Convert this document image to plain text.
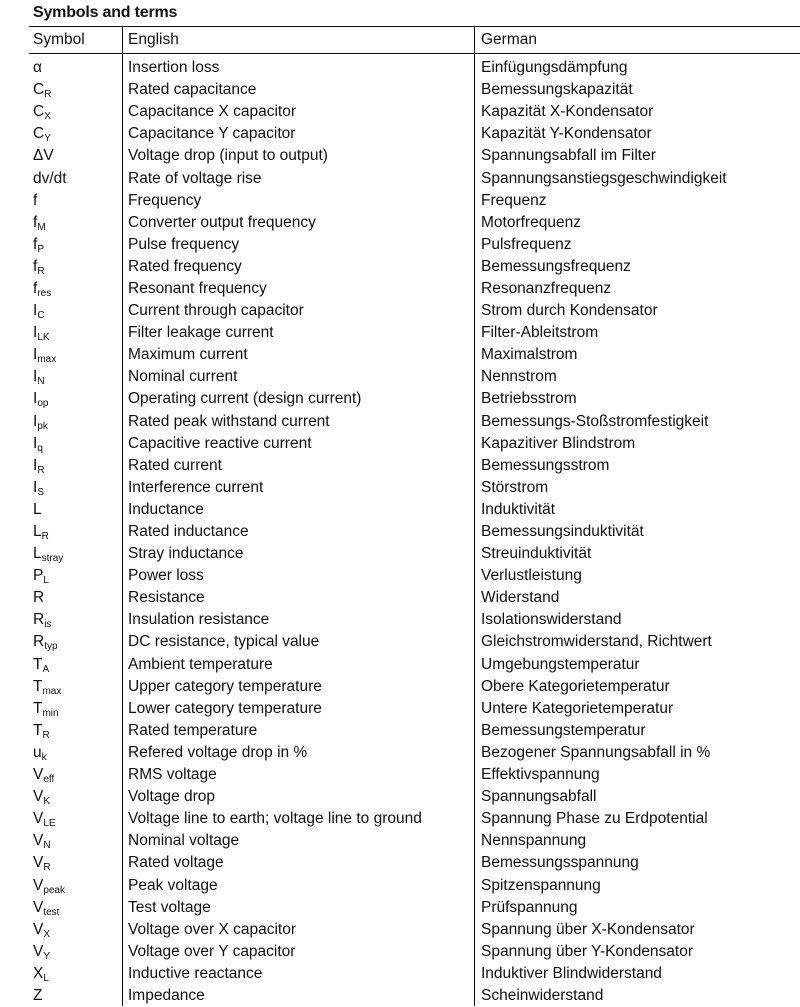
Symbols and terms
Symbol	English	German
α	Insertion loss	Einfügungsdämpfung
$C_R$	Rated capacitance	Bemessungskapazität
$C_X$	Capacitance X capacitor	Kapazität X-Kondensator
$C_Y$	Capacitance Y capacitor	Kapazität Y-Kondensator
ΔV	Voltage drop (input to output)	Spannungsabfall im Filter
dv/dt	Rate of voltage rise	Spannungsanstiegsgeschwindigkeit
f	Frequency	Frequenz
$f_M$	Converter output frequency	Motorfrequenz
$f_P$	Pulse frequency	Pulsfrequenz
$f_R$	Rated frequency	Bemessungsfrequenz
$f_{res}$	Resonant frequency	Resonanzfrequenz
$I_C$	Current through capacitor	Strom durch Kondensator
$I_{LK}$	Filter leakage current	Filter-Ableitstrom
$I_{max}$	Maximum current	Maximalstrom
$I_N$	Nominal current	Nennstrom
$I_{op}$	Operating current (design current)	Betriebsstrom
$I_{pk}$	Rated peak withstand current	Bemessungs-Stoßstromfestigkeit
$I_q$	Capacitive reactive current	Kapazitiver Blindstrom
$I_R$	Rated current	Bemessungsstrom
$I_S$	Interference current	Störstrom
L	Inductance	Induktivität
$L_R$	Rated inductance	Bemessungsinduktivität
$L_{stray}$	Stray inductance	Streuinduktivität
$P_L$	Power loss	Verlustleistung
R	Resistance	Widerstand
$R_{is}$	Insulation resistance	Isolationswiderstand
$R_{typ}$	DC resistance, typical value	Gleichstromwiderstand, Richtwert
$T_A$	Ambient temperature	Umgebungstemperatur
$T_{max}$	Upper category temperature	Obere Kategorietemperatur
$T_{min}$	Lower category temperature	Untere Kategorietemperatur
$T_R$	Rated temperature	Bemessungstemperatur
$u_k$	Refered voltage drop in %	Bezogener Spannungsabfall in %
$V_{eff}$	RMS voltage	Effektivspannung
$V_K$	Voltage drop	Spannungsabfall
$V_{LE}$	Voltage line to earth; voltage line to ground	Spannung Phase zu Erdpotential
$V_N$	Nominal voltage	Nennspannung
$V_R$	Rated voltage	Bemessungsspannung
$V_{peak}$	Peak voltage	Spitzenspannung
$V_{test}$	Test voltage	Prüfspannung
$V_X$	Voltage over X capacitor	Spannung über X-Kondensator
$V_Y$	Voltage over Y capacitor	Spannung über Y-Kondensator
$X_L$	Inductive reactance	Induktiver Blindwiderstand
Z	Impedance	Scheinwiderstand
